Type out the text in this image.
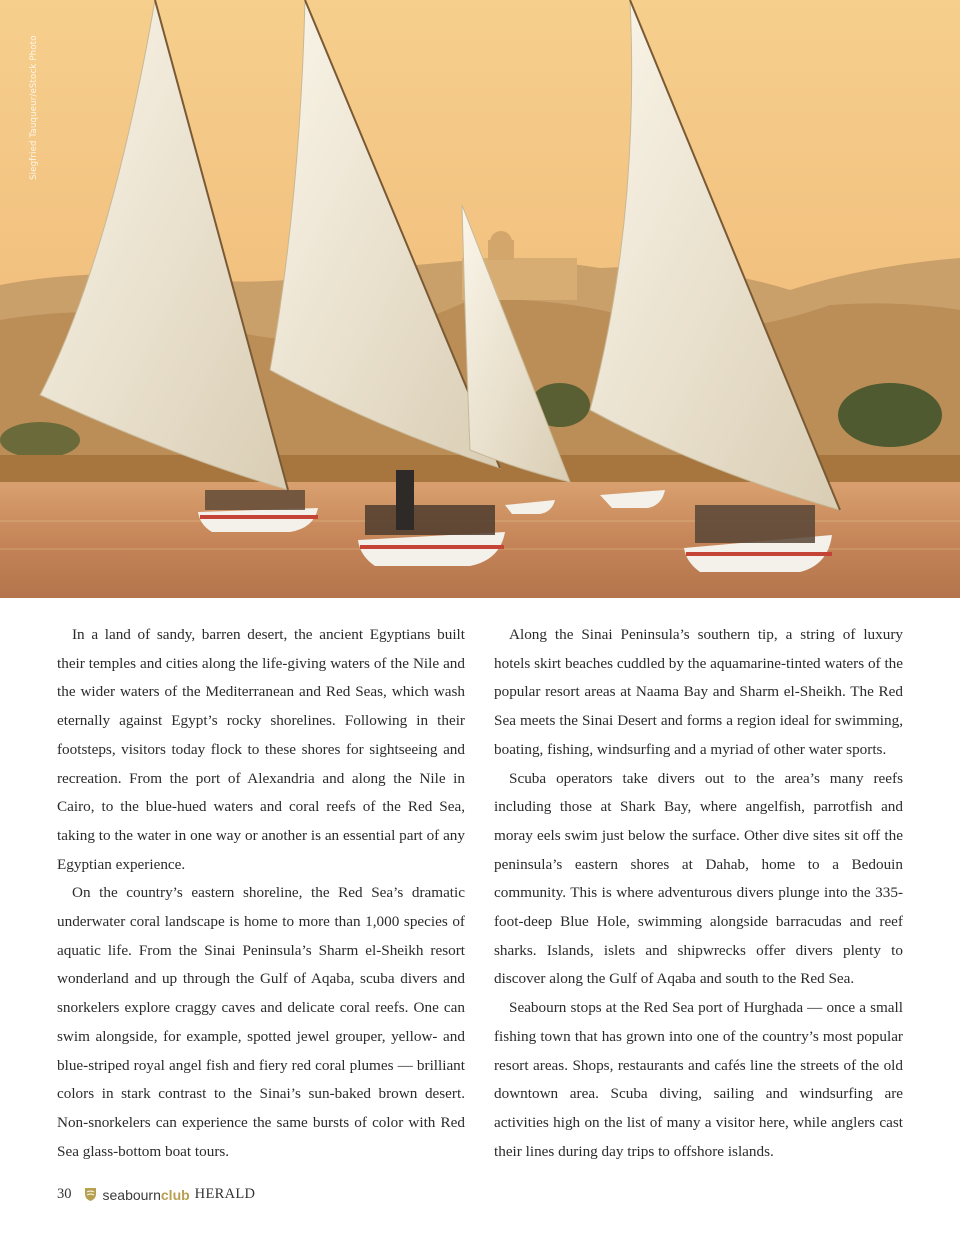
Siegfried Tauqueur/eStock Photo

In a land of sandy, barren desert, the ancient Egyptians built their temples and cities along the life-giving waters of the Nile and the wider waters of the Mediterranean and Red Seas, which wash eternally against Egypt’s rocky shorelines. Following in their footsteps, visitors today flock to these shores for sightseeing and recreation. From the port of Alexandria and along the Nile in Cairo, to the blue-hued waters and coral reefs of the Red Sea, taking to the water in one way or another is an essential part of any Egyptian experience.

On the country’s eastern shoreline, the Red Sea’s dramatic underwater coral landscape is home to more than 1,000 species of aquatic life. From the Sinai Peninsula’s Sharm el-Sheikh resort wonderland and up through the Gulf of Aqaba, scuba divers and snorkelers explore craggy caves and delicate coral reefs. One can swim alongside, for example, spotted jewel grouper, yellow- and blue-striped royal angel fish and fiery red coral plumes — brilliant colors in stark contrast to the Sinai’s sun-baked brown desert. Non-snorkelers can experience the same bursts of color with Red Sea glass-bottom boat tours.

Along the Sinai Peninsula’s southern tip, a string of luxury hotels skirt beaches cuddled by the aquamarine-tinted waters of the popular resort areas at Naama Bay and Sharm el-Sheikh. The Red Sea meets the Sinai Desert and forms a region ideal for swimming, boating, fishing, windsurfing and a myriad of other water sports.

Scuba operators take divers out to the area’s many reefs including those at Shark Bay, where angelfish, parrotfish and moray eels swim just below the surface. Other dive sites sit off the peninsula’s eastern shores at Dahab, home to a Bedouin community. This is where adventurous divers plunge into the 335-foot-deep Blue Hole, swimming alongside barracudas and reef sharks. Islands, islets and shipwrecks offer divers plenty to discover along the Gulf of Aqaba and south to the Red Sea.

Seabourn stops at the Red Sea port of Hurghada — once a small fishing town that has grown into one of the country’s most popular resort areas. Shops, restaurants and cafés line the streets of the old downtown area. Scuba diving, sailing and windsurfing are activities high on the list of many a visitor here, while anglers cast their lines during day trips to offshore islands.

30 seabourn club HERALD
